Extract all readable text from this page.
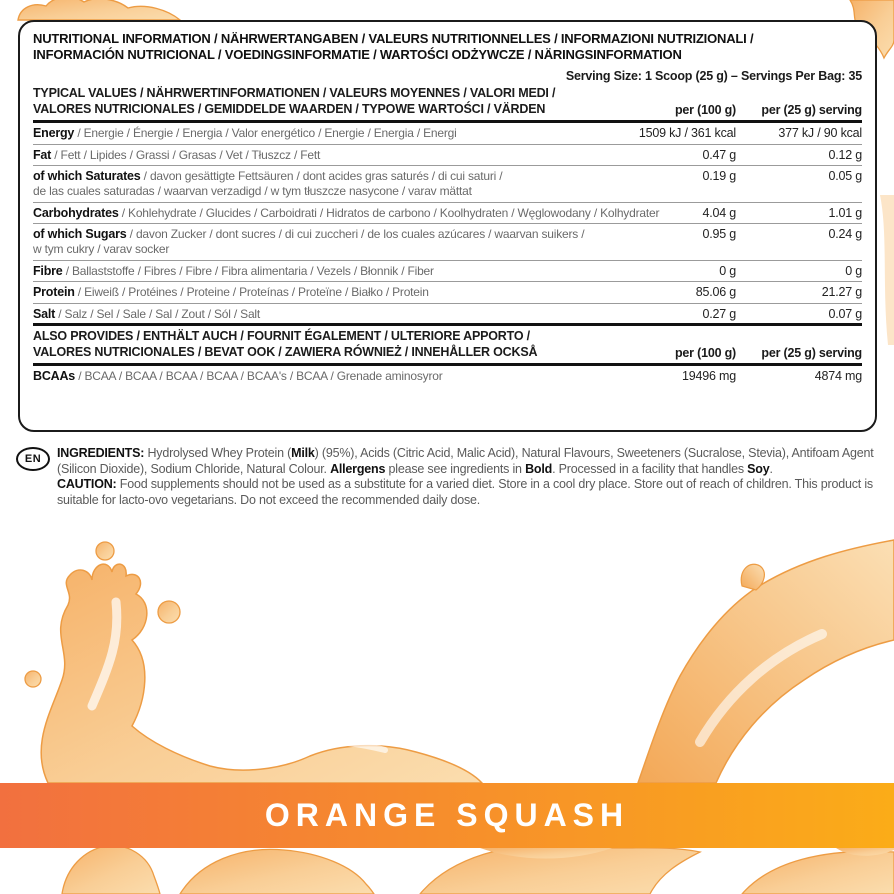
NUTRITIONAL INFORMATION / NÄHRWERTANGABEN / VALEURS NUTRITIONNELLES / INFORMAZIONI NUTRIZIONALI /
INFORMACIÓN NUTRICIONAL / VOEDINGSINFORMATIE / WARTOŚCI ODŻYWCZE / NÄRINGSINFORMATION
Serving Size: 1 Scoop (25 g) – Servings Per Bag: 35
TYPICAL VALUES / NÄHRWERTINFORMATIONEN / VALEURS MOYENNES / VALORI MEDI /
VALORES NUTRICIONALES / GEMIDDELDE WAARDEN / TYPOWE WARTOŚCI / VÄRDEN	per (100 g) per (25 g) serving
Energy / Energie / Énergie / Energia / Valor energético / Energie / Energia / Energi	1509 kJ / 361 kcal	377 kJ / 90 kcal
Fat / Fett / Lipides / Grassi / Grasas / Vet / Tłuszcz / Fett	0.47 g	0.12 g
of which Saturates / davon gesättigte Fettsäuren / dont acides gras saturés / di cui saturi /
de las cuales saturadas / waarvan verzadigd / w tym tłuszcze nasycone / varav mättat
0.19 g	0.05 g
Carbohydrates / Kohlehydrate / Glucides / Carboidrati / Hidratos de carbono / Koolhydraten / Węglowodany / Kolhydrater	4.04 g	1.01 g
of which Sugars / davon Zucker / dont sucres / di cui zuccheri / de los cuales azúcares / waarvan suikers /
w tym cukry / varav socker
0.95 g	0.24 g
Fibre / Ballaststoffe / Fibres / Fibre / Fibra alimentaria / Vezels / Błonnik / Fiber	0 g	0 g
Protein / Eiweiß / Protéines / Proteine / Proteínas / Proteïne / Białko / Protein	85.06 g	21.27 g
Salt / Salz / Sel / Sale / Sal / Zout / Sól / Salt	0.27 g	0.07 g
ALSO PROVIDES / ENTHÄLT AUCH / FOURNIT ÉGALEMENT / ULTERIORE APPORTO /
VALORES NUTRICIONALES / BEVAT OOK / ZAWIERA RÓWNIEŻ / INNEHÅLLER OCKSÅ	per (100 g) per (25 g) serving
BCAAs / BCAA / BCAA / BCAA / BCAA / BCAA's / BCAA / Grenade aminosyror	19496 mg	4874 mg
EN	INGREDIENTS: Hydrolysed Whey Protein (Milk) (95%), Acids (Citric Acid, Malic Acid), Natural Flavours, Sweeteners (Sucralose, Stevia), Antifoam Agent (Silicon Dioxide), Sodium Chloride, Natural Colour. Allergens please see ingredients in Bold. Processed in a facility that handles Soy.
CAUTION: Food supplements should not be used as a substitute for a varied diet. Store in a cool dry place. Store out of reach of children. This product is suitable for lacto-ovo vegetarians. Do not exceed the recommended daily dose.
ORANGE SQUASH
